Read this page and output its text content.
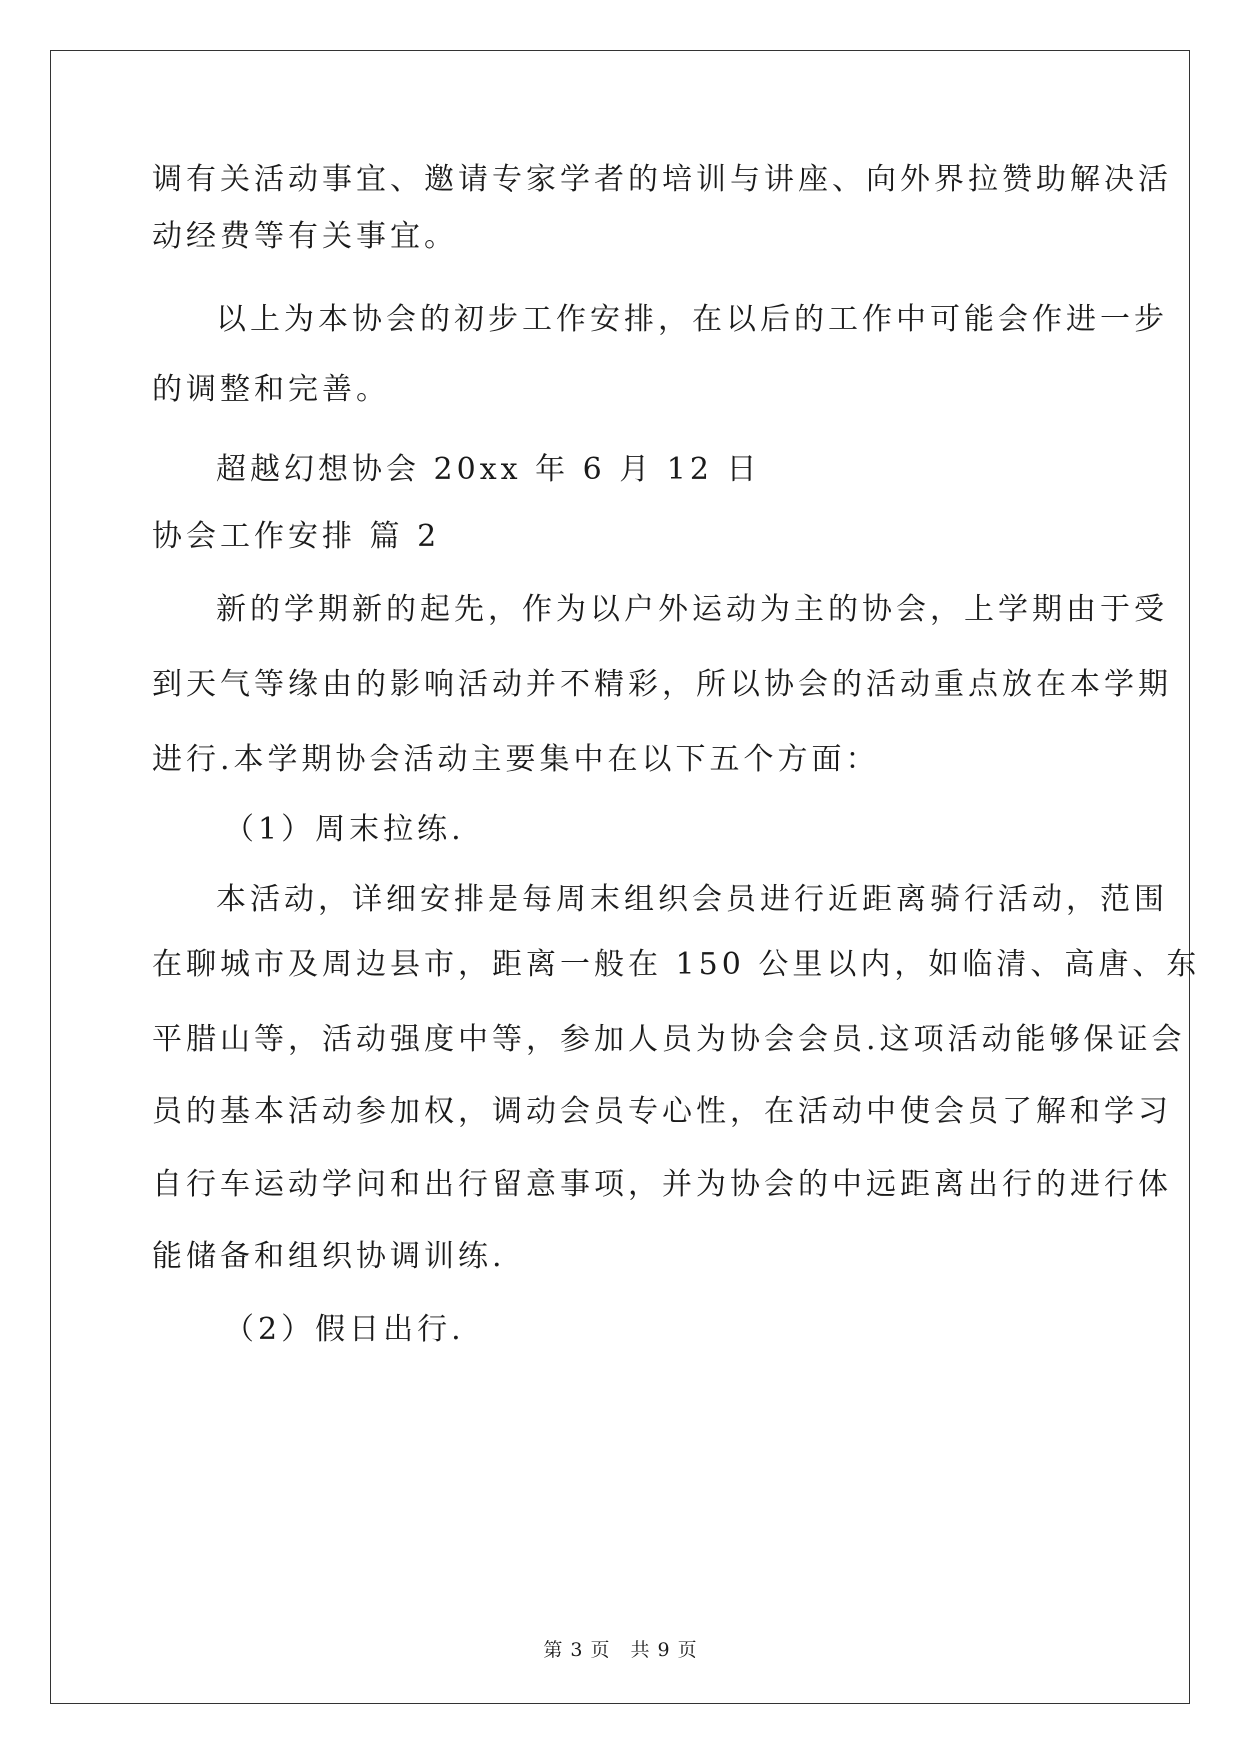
调有关活动事宜、邀请专家学者的培训与讲座、向外界拉赞助解决活
动经费等有关事宜。
以上为本协会的初步工作安排，在以后的工作中可能会作进一步
的调整和完善。
超越幻想协会 20xx 年 6 月 12 日
协会工作安排 篇 2
新的学期新的起先，作为以户外运动为主的协会，上学期由于受
到天气等缘由的影响活动并不精彩，所以协会的活动重点放在本学期
进行.本学期协会活动主要集中在以下五个方面：
（1）周末拉练.
本活动，详细安排是每周末组织会员进行近距离骑行活动，范围
在聊城市及周边县市，距离一般在 150 公里以内，如临清、高唐、东
平腊山等，活动强度中等，参加人员为协会会员.这项活动能够保证会
员的基本活动参加权，调动会员专心性，在活动中使会员了解和学习
自行车运动学问和出行留意事项，并为协会的中远距离出行的进行体
能储备和组织协调训练.
（2）假日出行.
第 3 页　共 9 页
